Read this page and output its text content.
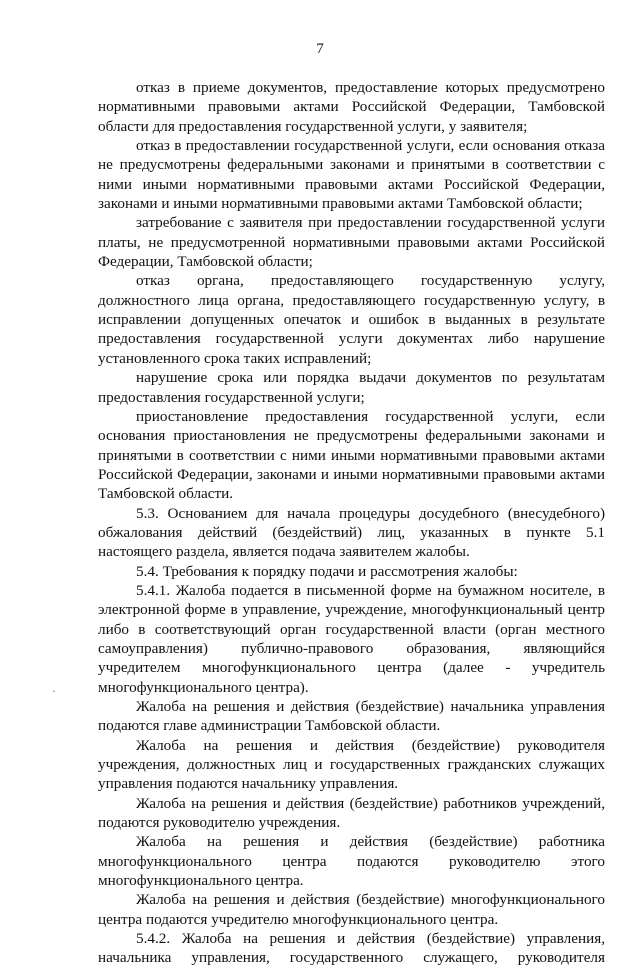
7

отказ в приеме документов, предоставление которых предусмотрено
нормативными правовыми актами Российской Федерации, Тамбовской
области для предоставления государственной услуги, у заявителя;

отказ в предоставлении государственной услуги, если основания отказа
не предусмотрены федеральными законами и принятыми в соответствии с
ними иными нормативными правовыми актами Российской Федерации,
законами и иными нормативными правовыми актами Тамбовской области;

затребование с заявителя при предоставлении государственной услуги
платы, не предусмотренной нормативными правовыми актами Российской
Федерации, Тамбовской области;

отказ органа, предоставляющего государственную услугу,
должностного лица органа, предоставляющего государственную услугу, в
исправлении допущенных опечаток и ошибок в выданных в результате
предоставления государственной услуги документах либо нарушение
установленного срока таких исправлений;

нарушение срока или порядка выдачи документов по результатам
предоставления государственной услуги;

приостановление предоставления государственной услуги, если
основания приостановления не предусмотрены федеральными законами и
принятыми в соответствии с ними иными нормативными правовыми актами
Российской Федерации, законами и иными нормативными правовыми актами
Тамбовской области.

5.3. Основанием для начала процедуры досудебного (внесудебного)
обжалования действий (бездействий) лиц, указанных в пункте 5.1
настоящего раздела, является подача заявителем жалобы.

5.4. Требования к порядку подачи и рассмотрения жалобы:

5.4.1. Жалоба подается в письменной форме на бумажном носителе, в
электронной форме в управление, учреждение, многофункциональный центр
либо в соответствующий орган государственной власти (орган местного
самоуправления) публично-правового образования, являющийся
учредителем многофункционального центра (далее - учредитель
многофункционального центра).

Жалоба на решения и действия (бездействие) начальника управления
подаются главе администрации Тамбовской области.

Жалоба на решения и действия (бездействие) руководителя
учреждения, должностных лиц и государственных гражданских служащих
управления подаются начальнику управления.

Жалоба на решения и действия (бездействие) работников учреждений,
подаются руководителю учреждения.

Жалоба на решения и действия (бездействие) работника
многофункционального центра подаются руководителю этого
многофункционального центра.

Жалоба на решения и действия (бездействие) многофункционального
центра подаются учредителю многофункционального центра.

5.4.2. Жалоба на решения и действия (бездействие) управления,
начальника управления, государственного служащего, руководителя

·
